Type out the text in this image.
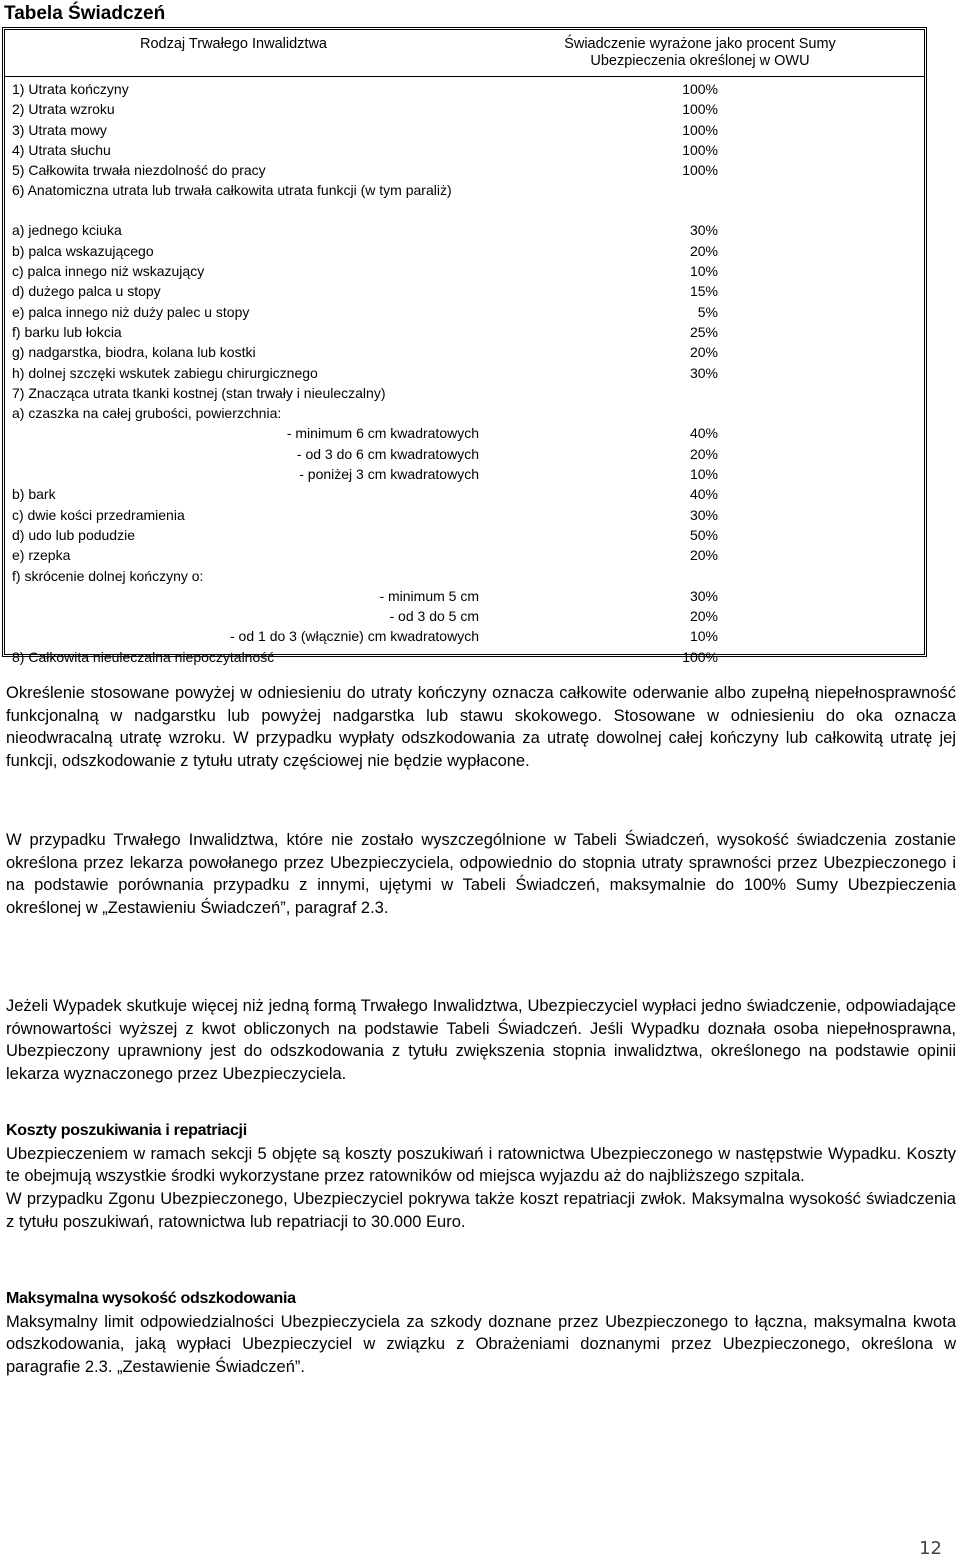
Tabela Świadczeń
Rodzaj Trwałego Inwalidztwa	Świadczenie wyrażone jako procent Sumy
Ubezpieczenia określonej w OWU
1) Utrata kończyny	100%
2) Utrata wzroku	100%
3) Utrata mowy	100%
4) Utrata słuchu	100%
5) Całkowita trwała niezdolność do pracy	100%
6) Anatomiczna utrata lub trwała całkowita utrata funkcji (w tym paraliż)
a) jednego kciuka	30%
b) palca wskazującego	20%
c) palca innego niż wskazujący	10%
d) dużego palca u stopy	15%
e) palca innego niż duży palec u stopy	5%
f) barku lub łokcia	25%
g) nadgarstka, biodra, kolana lub kostki	20%
h) dolnej szczęki wskutek zabiegu chirurgicznego	30%
7) Znacząca utrata tkanki kostnej (stan trwały i nieuleczalny)
a) czaszka na całej grubości, powierzchnia:
- minimum 6 cm kwadratowych	40%
- od 3 do 6 cm kwadratowych	20%
- poniżej 3 cm kwadratowych	10%
b) bark	40%
c) dwie kości przedramienia	30%
d) udo lub podudzie	50%
e) rzepka	20%
f) skrócenie dolnej kończyny o:
- minimum 5 cm	30%
- od 3 do 5 cm	20%
- od 1 do 3 (włącznie) cm kwadratowych	10%
8) Całkowita nieuleczalna niepoczytalność	100%

Określenie stosowane powyżej w odniesieniu do utraty kończyny oznacza całkowite oderwanie albo zupełną niepełnosprawność funkcjonalną w nadgarstku lub powyżej nadgarstka lub stawu skokowego. Stosowane w odniesieniu do oka oznacza nieodwracalną utratę wzroku. W przypadku wypłaty odszkodowania za utratę dowolnej całej kończyny lub całkowitą utratę jej funkcji, odszkodowanie z tytułu utraty częściowej nie będzie wypłacone.

W przypadku Trwałego Inwalidztwa, które nie zostało wyszczególnione w Tabeli Świadczeń, wysokość świadczenia zostanie określona przez lekarza powołanego przez Ubezpieczyciela, odpowiednio do stopnia utraty sprawności przez Ubezpieczonego i na podstawie porównania przypadku z innymi, ujętymi w Tabeli Świadczeń, maksymalnie do 100% Sumy Ubezpieczenia określonej w „Zestawieniu Świadczeń”, paragraf 2.3.

Jeżeli Wypadek skutkuje więcej niż jedną formą Trwałego Inwalidztwa, Ubezpieczyciel wypłaci jedno świadczenie, odpowiadające równowartości wyższej z kwot obliczonych na podstawie Tabeli Świadczeń. Jeśli Wypadku doznała osoba niepełnosprawna, Ubezpieczony uprawniony jest do odszkodowania z tytułu zwiększenia stopnia inwalidztwa, określonego na podstawie opinii lekarza wyznaczonego przez Ubezpieczyciela.

Koszty poszukiwania i repatriacji

Ubezpieczeniem w ramach sekcji 5 objęte są koszty poszukiwań i ratownictwa Ubezpieczonego w następstwie Wypadku. Koszty te obejmują wszystkie środki wykorzystane przez ratowników od miejsca wyjazdu aż do najbliższego szpitala.

W przypadku Zgonu Ubezpieczonego, Ubezpieczyciel pokrywa także koszt repatriacji zwłok. Maksymalna wysokość świadczenia z tytułu poszukiwań, ratownictwa lub repatriacji to 30.000 Euro.

Maksymalna wysokość odszkodowania

Maksymalny limit odpowiedzialności Ubezpieczyciela za szkody doznane przez Ubezpieczonego to łączna, maksymalna kwota odszkodowania, jaką wypłaci Ubezpieczyciel w związku z Obrażeniami doznanymi przez Ubezpieczonego, określona w paragrafie 2.3. „Zestawienie Świadczeń”.

12
